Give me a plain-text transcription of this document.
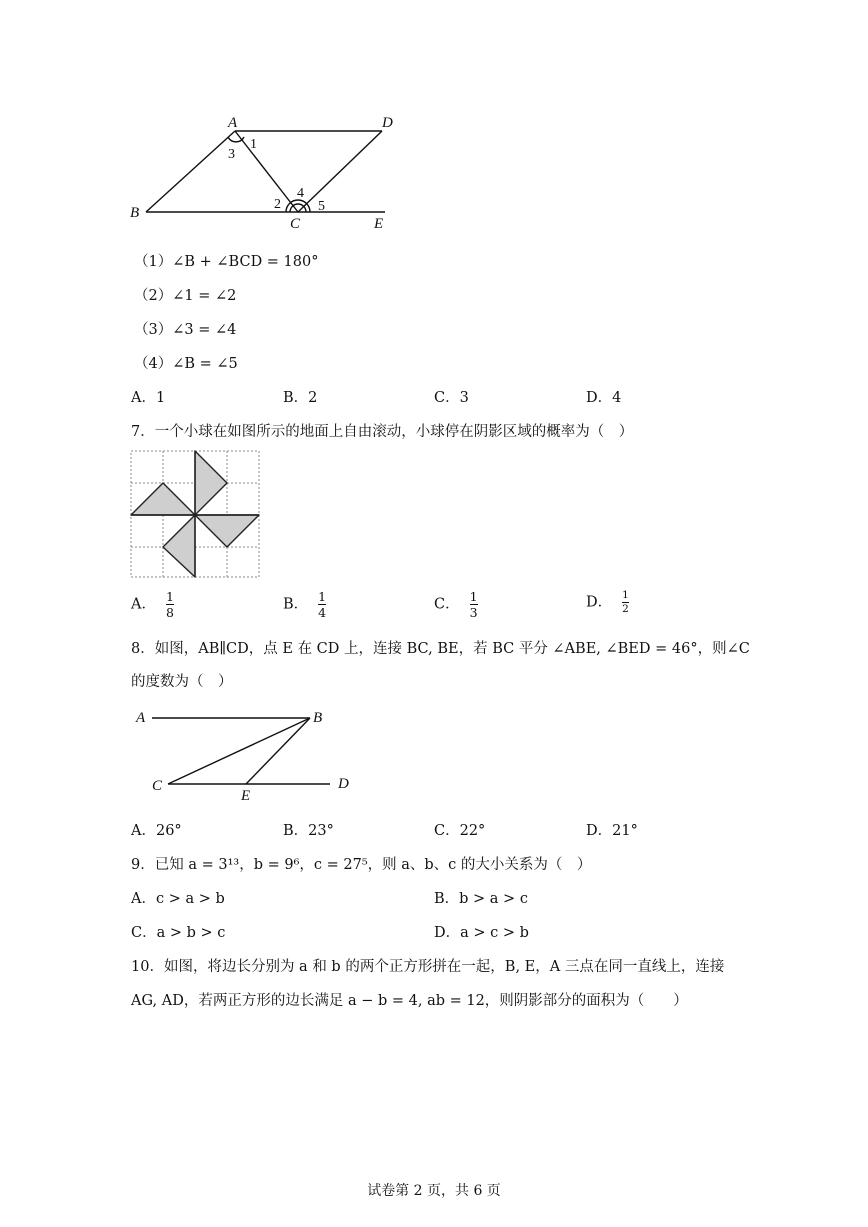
A	D
B
C	E
1
2
3
4
5
（1）∠B + ∠BCD = 180°
（2）∠1 = ∠2
（3）∠3 = ∠4
（4）∠B = ∠5
A．1	B．2	C．3	D．4
7．一个小球在如图所示的地面上自由滚动，小球停在阴影区域的概率为（　）
A． $\frac{1}{8}$	B． $\frac{1}{4}$	C． $\frac{1}{3}$	D． $\frac{1}{2}$
8．如图，AB∥CD，点 E 在 CD 上，连接 BC, BE，若 BC 平分 ∠ABE, ∠BED = 46°，则∠C
的度数为（　）
A	B
C
E
D
A．26°	B．23°	C．22°	D．21°
9．已知 a = 3¹³，b = 9⁶，c = 27⁵，则 a、b、c 的大小关系为（　）
A．c > a > b	B．b > a > c
C．a > b > c	D．a > c > b
10．如图，将边长分别为 a 和 b 的两个正方形拼在一起，B, E，A 三点在同一直线上，连接
AG, AD，若两正方形的边长满足 a − b = 4, ab = 12，则阴影部分的面积为（　　）
试卷第 2 页，共 6 页
